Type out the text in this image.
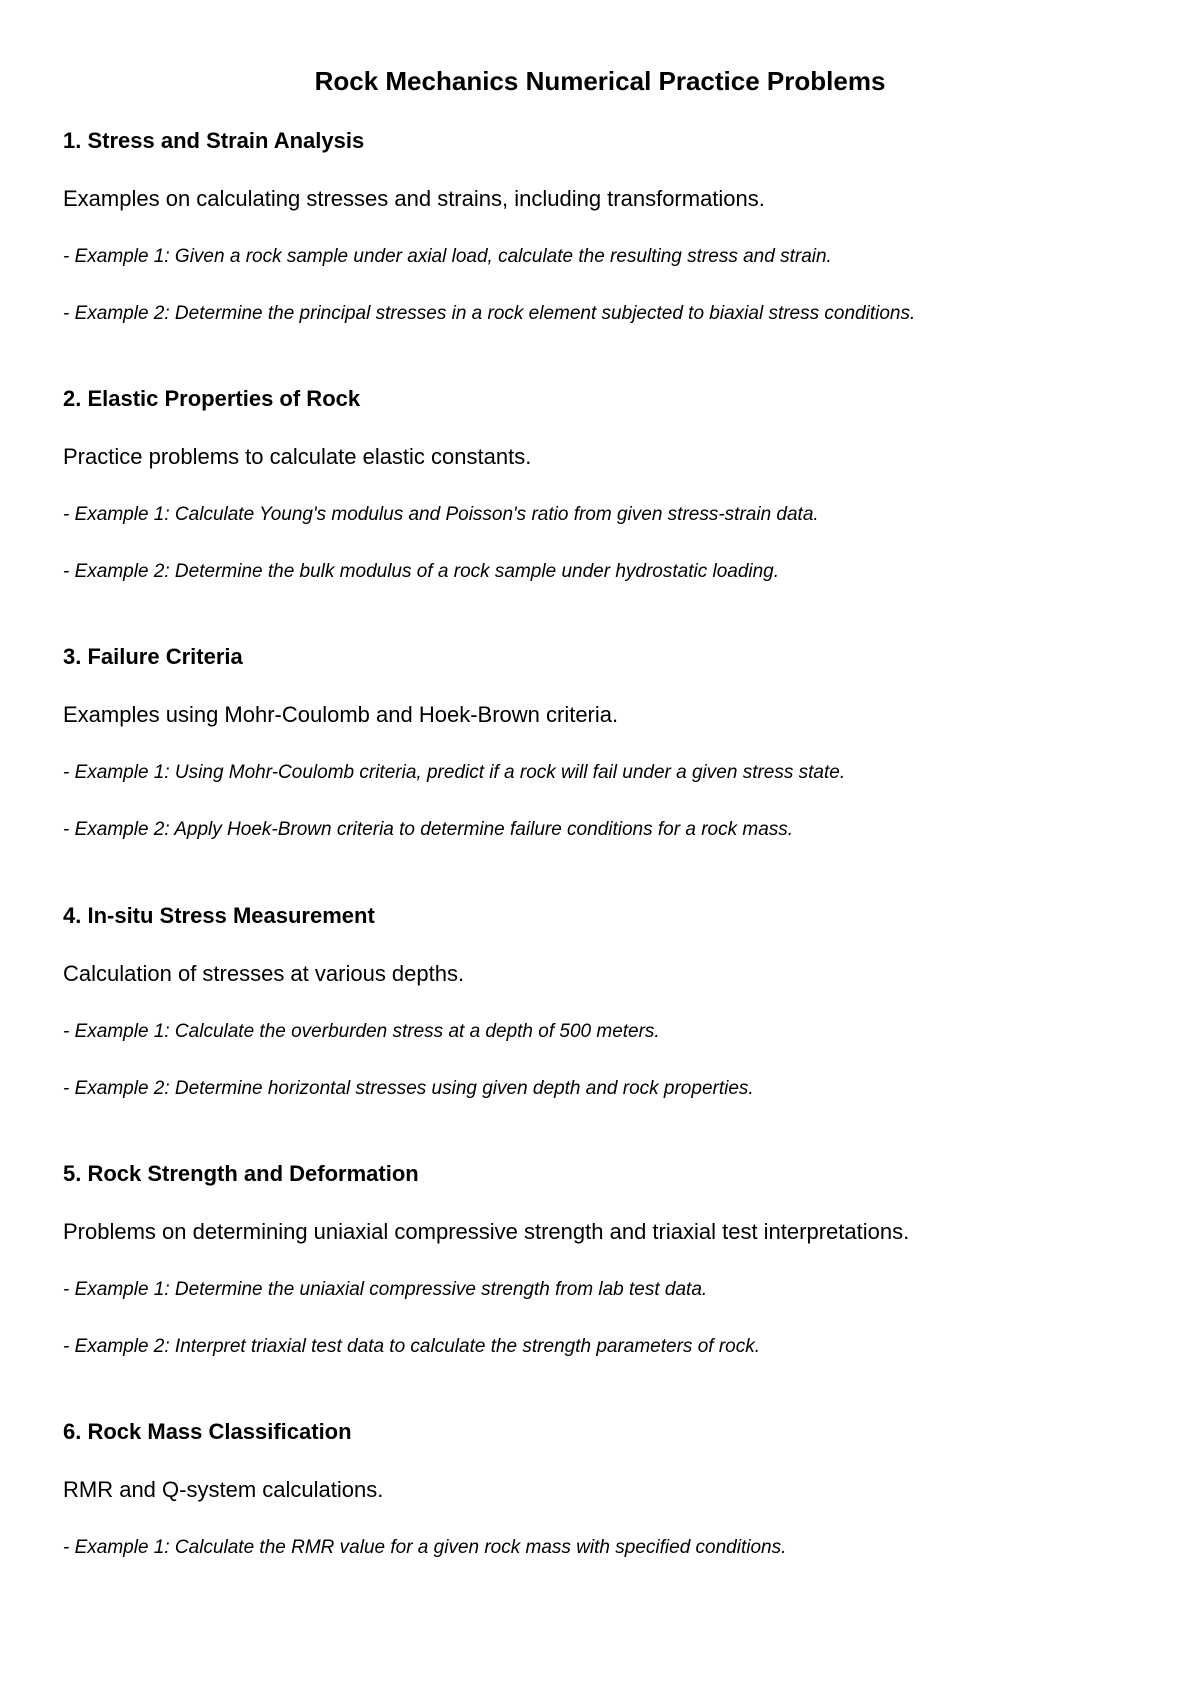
Rock Mechanics Numerical Practice Problems
1. Stress and Strain Analysis

Examples on calculating stresses and strains, including transformations.

- Example 1: Given a rock sample under axial load, calculate the resulting stress and strain.

- Example 2: Determine the principal stresses in a rock element subjected to biaxial stress conditions.

2. Elastic Properties of Rock

Practice problems to calculate elastic constants.

- Example 1: Calculate Young's modulus and Poisson's ratio from given stress-strain data.

- Example 2: Determine the bulk modulus of a rock sample under hydrostatic loading.

3. Failure Criteria

Examples using Mohr-Coulomb and Hoek-Brown criteria.

- Example 1: Using Mohr-Coulomb criteria, predict if a rock will fail under a given stress state.

- Example 2: Apply Hoek-Brown criteria to determine failure conditions for a rock mass.

4. In-situ Stress Measurement

Calculation of stresses at various depths.

- Example 1: Calculate the overburden stress at a depth of 500 meters.

- Example 2: Determine horizontal stresses using given depth and rock properties.

5. Rock Strength and Deformation

Problems on determining uniaxial compressive strength and triaxial test interpretations.

- Example 1: Determine the uniaxial compressive strength from lab test data.

- Example 2: Interpret triaxial test data to calculate the strength parameters of rock.

6. Rock Mass Classification

RMR and Q-system calculations.

- Example 1: Calculate the RMR value for a given rock mass with specified conditions.
